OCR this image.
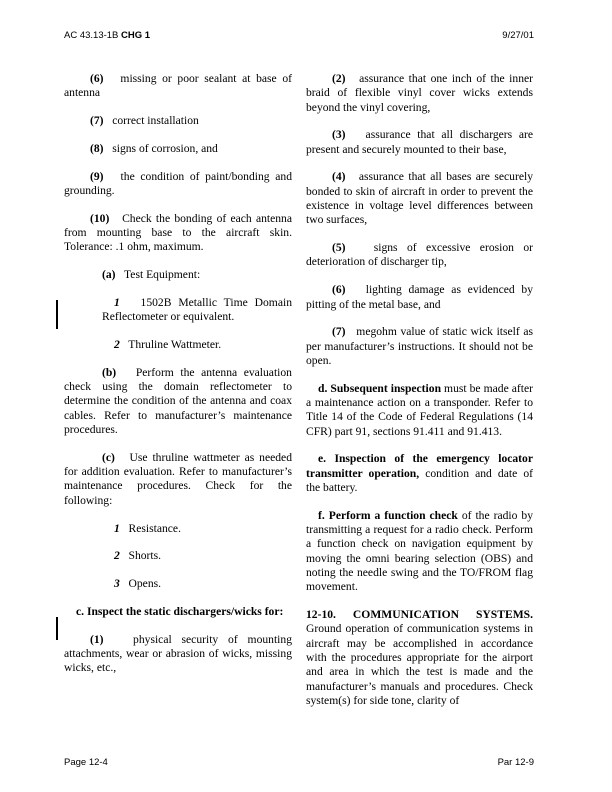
AC 43.13-1B CHG 1	9/27/01

(6) missing or poor sealant at base of antenna

(7) correct installation

(8) signs of corrosion, and

(9) the condition of paint/bonding and grounding.

(10) Check the bonding of each antenna from mounting base to the aircraft skin. Tolerance: .1 ohm, maximum.

(a) Test Equipment:

1 1502B Metallic Time Domain Reflectometer or equivalent.

2 Thruline Wattmeter.

(b) Perform the antenna evaluation check using the domain reflectometer to determine the condition of the antenna and coax cables. Refer to manufacturer’s maintenance procedures.

(c) Use thruline wattmeter as needed for addition evaluation. Refer to manufacturer’s maintenance procedures. Check for the following:

1 Resistance.

2 Shorts.

3 Opens.

c. Inspect the static dischargers/wicks for:

(1)	physical security of mounting attachments, wear or abrasion of wicks, missing wicks, etc.,

(2) assurance that one inch of the inner braid of flexible vinyl cover wicks extends beyond the vinyl covering,

(3) assurance that all dischargers are present and securely mounted to their base,

(4) assurance that all bases are securely bonded to skin of aircraft in order to prevent the existence in voltage level differences between two surfaces,

(5) signs of excessive erosion or deterioration of discharger tip,

(6) lighting damage as evidenced by pitting of the metal base, and

(7) megohm value of static wick itself as per manufacturer’s instructions. It should not be open.

d. Subsequent inspection must be made after a maintenance action on a transponder. Refer to Title 14 of the Code of Federal Regulations (14 CFR) part 91, sections 91.411 and 91.413.

e. Inspection of the emergency locator transmitter operation, condition and date of the battery.

f. Perform a function check of the radio by transmitting a request for a radio check. Perform a function check on navigation equipment by moving the omni bearing selection (OBS) and noting the needle swing and the TO/FROM flag movement.

12-10. COMMUNICATION SYSTEMS. Ground operation of communication systems in aircraft may be accomplished in accordance with the procedures appropriate for the airport and area in which the test is made and the manufacturer’s manuals and procedures. Check system(s) for side tone, clarity of

Page 12-4	Par 12-9
